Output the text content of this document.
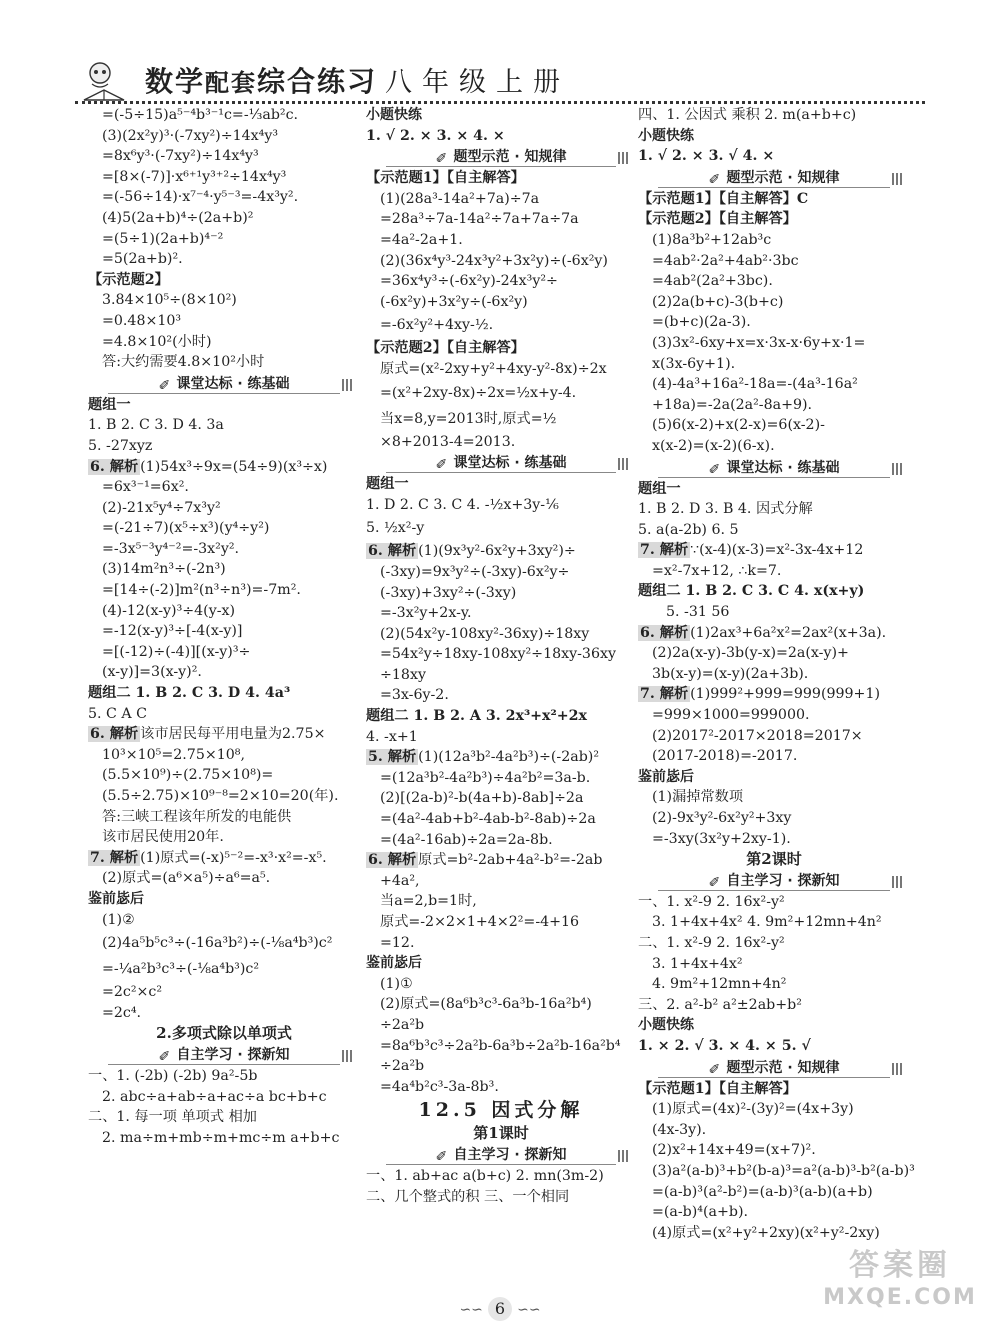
数学配套综合练习 八年级上册
=(-5÷15)a⁵⁻⁴b³⁻¹c=-⅓ab²c.
(3)(2x²y)³·(-7xy²)÷14x⁴y³
=8x⁶y³·(-7xy²)÷14x⁴y³
=[8×(-7)]·x⁶⁺¹y³⁺²÷14x⁴y³
=(-56÷14)·x⁷⁻⁴·y⁵⁻³=-4x³y².
(4)5(2a+b)⁴÷(2a+b)²
=(5÷1)(2a+b)⁴⁻²
=5(2a+b)².
【示范题2】
3.84×10⁵÷(8×10²)
=0.48×10³
=4.8×10²(小时)
答:大约需要4.8×10²小时
✐ 课堂达标 · 练基础
题组一
1. B 2. C 3. D 4. 3a
5. -27xyz
6. 解析 (1)54x³÷9x=(54÷9)(x³÷x)
=6x³⁻¹=6x².
(2)-21x⁵y⁴÷7x³y²
=(-21÷7)(x⁵÷x³)(y⁴÷y²)
=-3x⁵⁻³y⁴⁻²=-3x²y².
(3)14m²n³÷(-2n³)
=[14÷(-2)]m²(n³÷n³)=-7m².
(4)-12(x-y)³÷4(y-x)
=-12(x-y)³÷[-4(x-y)]
=[(-12)÷(-4)][(x-y)³÷
(x-y)]=3(x-y)².
题组二 1. B 2. C 3. D 4. 4a³
5. C A C
6. 解析 该市居民每平用电量为2.75×
10³×10⁵=2.75×10⁸,
(5.5×10⁹)÷(2.75×10⁸)=
(5.5÷2.75)×10⁹⁻⁸=2×10=20(年).
答:三峡工程该年所发的电能供
该市居民使用20年.
7. 解析 (1)原式=(-x)⁵⁻²=-x³·x²=-x⁵.
(2)原式=(a⁶×a⁵)÷a⁶=a⁵.
鉴前毖后
(1)②
(2)4a⁵b⁵c³÷(-16a³b²)÷(-⅛a⁴b³)c²
=-¼a²b³c³÷(-⅛a⁴b³)c²
=2c²×c²
=2c⁴.
2.多项式除以单项式
✐ 自主学习 · 探新知
一、1. (-2b) (-2b) 9a²-5b
2. abc÷a+ab÷a+ac÷a bc+b+c
二、1. 每一项 单项式 相加
2. ma÷m+mb÷m+mc÷m a+b+c
小题快练
1. √ 2. × 3. × 4. ×
✐ 题型示范 · 知规律
【示范题1】【自主解答】
(1)(28a³-14a²+7a)÷7a
=28a³÷7a-14a²÷7a+7a÷7a
=4a²-2a+1.
(2)(36x⁴y³-24x³y²+3x²y)÷(-6x²y)
=36x⁴y³÷(-6x²y)-24x³y²÷
(-6x²y)+3x²y÷(-6x²y)
=-6x²y²+4xy-½.
【示范题2】【自主解答】
原式=(x²-2xy+y²+4xy-y²-8x)÷2x
=(x²+2xy-8x)÷2x=½x+y-4.
当x=8,y=2013时,原式=½
×8+2013-4=2013.
✐ 课堂达标 · 练基础
题组一
1. D 2. C 3. C 4. -½x+3y-⅙
5. ½x²-y
6. 解析 (1)(9x³y²-6x²y+3xy²)÷
(-3xy)=9x³y²÷(-3xy)-6x²y÷
(-3xy)+3xy²÷(-3xy)
=-3x²y+2x-y.
(2)(54x²y-108xy²-36xy)÷18xy
=54x²y÷18xy-108xy²÷18xy-36xy
÷18xy
=3x-6y-2.
题组二 1. B 2. A 3. 2x³+x²+2x
4. -x+1
5. 解析 (1)(12a³b²-4a²b³)÷(-2ab)²
=(12a³b²-4a²b³)÷4a²b²=3a-b.
(2)[(2a-b)²-b(4a+b)-8ab]÷2a
=(4a²-4ab+b²-4ab-b²-8ab)÷2a
=(4a²-16ab)÷2a=2a-8b.
6. 解析 原式=b²-2ab+4a²-b²=-2ab
+4a²,
当a=2,b=1时,
原式=-2×2×1+4×2²=-4+16
=12.
鉴前毖后
(1)①
(2)原式=(8a⁶b³c³-6a³b-16a²b⁴)
÷2a²b
=8a⁶b³c³÷2a²b-6a³b÷2a²b-16a²b⁴
÷2a²b
=4a⁴b²c³-3a-8b³.
12.5 因式分解
第1课时
✐ 自主学习 · 探新知
一、1. ab+ac a(b+c) 2. mn(3m-2)
二、几个整式的积 三、一个相同
四、1. 公因式 乘积 2. m(a+b+c)
小题快练
1. √ 2. × 3. √ 4. ×
✐ 题型示范 · 知规律
【示范题1】【自主解答】C
【示范题2】【自主解答】
(1)8a³b²+12ab³c
=4ab²·2a²+4ab²·3bc
=4ab²(2a²+3bc).
(2)2a(b+c)-3(b+c)
=(b+c)(2a-3).
(3)3x²-6xy+x=x·3x-x·6y+x·1=
x(3x-6y+1).
(4)-4a³+16a²-18a=-(4a³-16a²
+18a)=-2a(2a²-8a+9).
(5)6(x-2)+x(2-x)=6(x-2)-
x(x-2)=(x-2)(6-x).
✐ 课堂达标 · 练基础
题组一
1. B 2. D 3. B 4. 因式分解
5. a(a-2b) 6. 5
7. 解析 ∵(x-4)(x-3)=x²-3x-4x+12
=x²-7x+12, ∴k=7.
题组二 1. B 2. C 3. C 4. x(x+y)
5. -31 56
6. 解析 (1)2ax³+6a²x²=2ax²(x+3a).
(2)2a(x-y)-3b(y-x)=2a(x-y)+
3b(x-y)=(x-y)(2a+3b).
7. 解析 (1)999²+999=999(999+1)
=999×1000=999000.
(2)2017²-2017×2018=2017×
(2017-2018)=-2017.
鉴前毖后
(1)漏掉常数项
(2)-9x³y²-6x²y²+3xy
=-3xy(3x²y+2xy-1).
第2课时
✐ 自主学习 · 探新知
一、1. x²-9 2. 16x²-y²
3. 1+4x+4x² 4. 9m²+12mn+4n²
二、1. x²-9 2. 16x²-y²
3. 1+4x+4x²
4. 9m²+12mn+4n²
三、2. a²-b² a²±2ab+b²
小题快练
1. × 2. √ 3. × 4. × 5. √
✐ 题型示范 · 知规律
【示范题1】【自主解答】
(1)原式=(4x)²-(3y)²=(4x+3y)
(4x-3y).
(2)x²+14x+49=(x+7)².
(3)a²(a-b)³+b²(b-a)³=a²(a-b)³-b²(a-b)³
=(a-b)³(a²-b²)=(a-b)³(a-b)(a+b)
=(a-b)⁴(a+b).
(4)原式=(x²+y²+2xy)(x²+y²-2xy)
∽∽ 6 ∽∽
答案圈
MXQE.COM
